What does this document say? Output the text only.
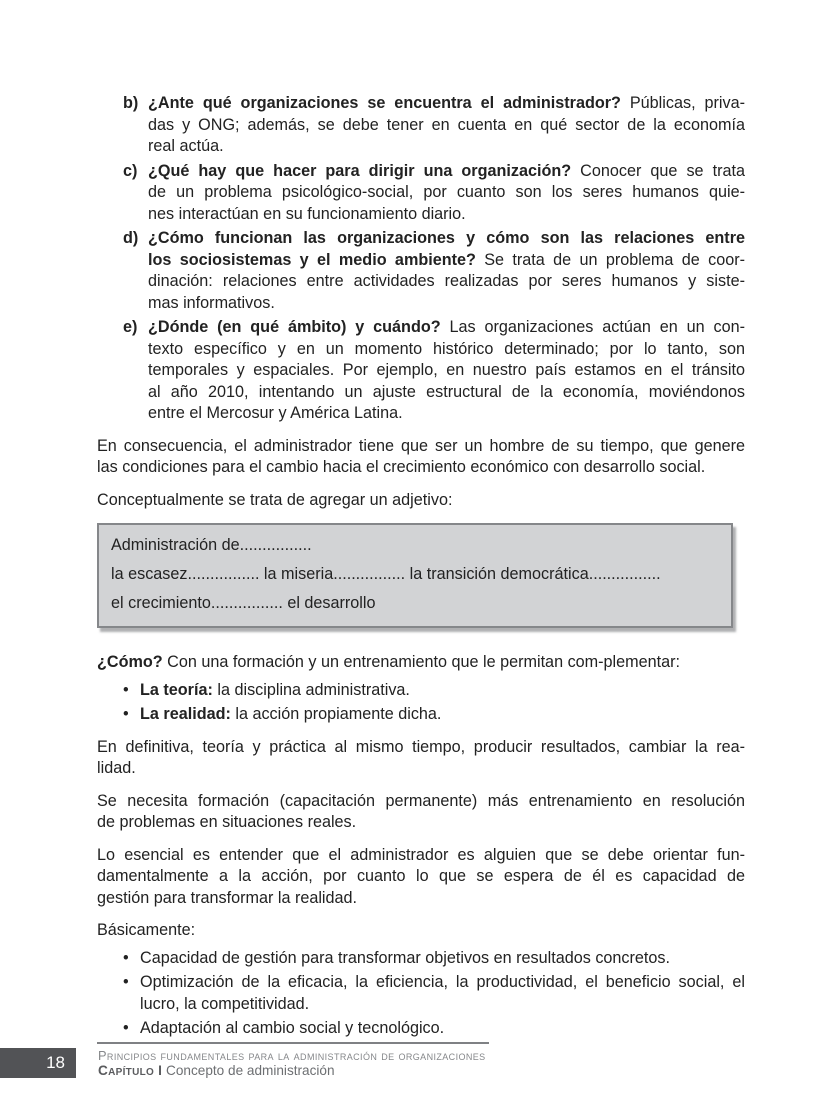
b) ¿Ante qué organizaciones se encuentra el administrador? Públicas, priva-
das y ONG; además, se debe tener en cuenta en qué sector de la economía
real actúa.
c) ¿Qué hay que hacer para dirigir una organización? Conocer que se trata
de un problema psicológico-social, por cuanto son los seres humanos quie-
nes interactúan en su funcionamiento diario.
d) ¿Cómo funcionan las organizaciones y cómo son las relaciones entre
los sociosistemas y el medio ambiente? Se trata de un problema de coor-
dinación: relaciones entre actividades realizadas por seres humanos y siste-
mas informativos.
e) ¿Dónde (en qué ámbito) y cuándo? Las organizaciones actúan en un con-
texto específico y en un momento histórico determinado; por lo tanto, son
temporales y espaciales. Por ejemplo, en nuestro país estamos en el tránsito
al año 2010, intentando un ajuste estructural de la economía, moviéndonos
entre el Mercosur y América Latina.
En consecuencia, el administrador tiene que ser un hombre de su tiempo, que genere
las condiciones para el cambio hacia el crecimiento económico con desarrollo social.
Conceptualmente se trata de agregar un adjetivo:
Administración de................
la escasez................ la miseria................ la transición democrática................
el crecimiento................ el desarrollo
¿Cómo? Con una formación y un entrenamiento que le permitan com-plementar:
• La teoría: la disciplina administrativa.
• La realidad: la acción propiamente dicha.
En definitiva, teoría y práctica al mismo tiempo, producir resultados, cambiar la rea-
lidad.
Se necesita formación (capacitación permanente) más entrenamiento en resolución
de problemas en situaciones reales.
Lo esencial es entender que el administrador es alguien que se debe orientar fun-
damentalmente a la acción, por cuanto lo que se espera de él es capacidad de
gestión para transformar la realidad.
Básicamente:
• Capacidad de gestión para transformar objetivos en resultados concretos.
• Optimización de la eficacia, la eficiencia, la productividad, el beneficio social, el
lucro, la competitividad.
• Adaptación al cambio social y tecnológico.
18	Principios fundamentales para la administración de organizaciones
Capítulo I Concepto de administración
